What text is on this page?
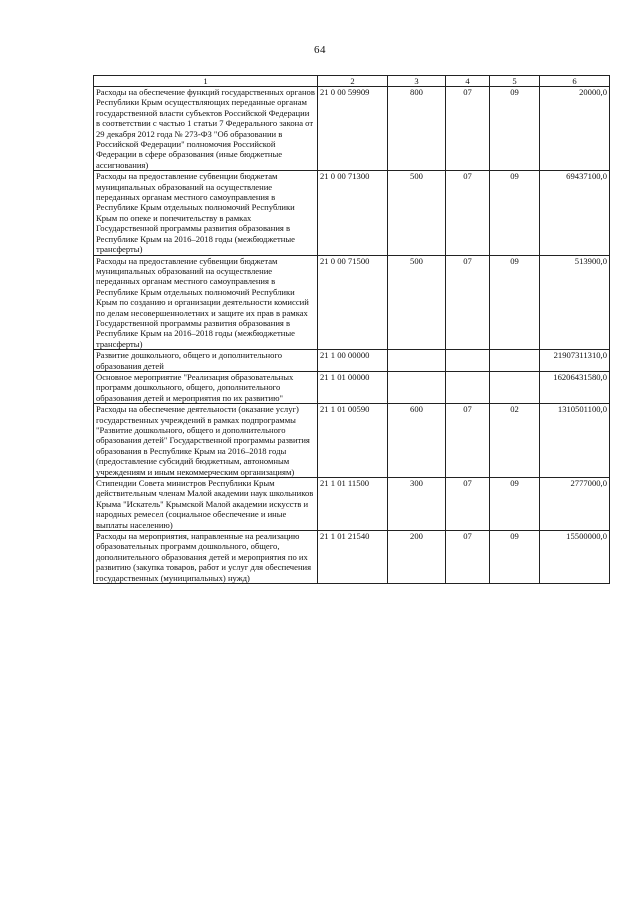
64
1	2	3	4	5	6
Расходы на обеспечение функций государственных органов Республики Крым осуществляющих переданные органам государственной власти субъектов Российской Федерации в соответствии с частью 1 статьи 7 Федерального закона от 29 декабря 2012 года № 273-ФЗ "Об образовании в Российской Федерации" полномочия Российской Федерации в сфере образования (иные бюджетные ассигнования)	21 0 00 59909	800	07	09	20000,0
Расходы на предоставление субвенции бюджетам муниципальных образований на осуществление переданных органам местного самоуправления в Республике Крым отдельных полномочий Республики Крым по опеке и попечительству в рамках Государственной программы развития образования в Республике Крым на 2016–2018 годы (межбюджетные трансферты)	21 0 00 71300	500	07	09	69437100,0
Расходы на предоставление субвенции бюджетам муниципальных образований на осуществление переданных органам местного самоуправления в Республике Крым отдельных полномочий Республики Крым по созданию и организации деятельности комиссий по делам несовершеннолетних и защите их прав в рамках Государственной программы развития образования в Республике Крым на 2016–2018 годы (межбюджетные трансферты)	21 0 00 71500	500	07	09	513900,0
Развитие дошкольного, общего и дополнительного образования детей	21 1 00 00000				21907311310,0
Основное мероприятие "Реализация образовательных программ дошкольного, общего, дополнительного образования детей и мероприятия по их развитию"	21 1 01 00000				16206431580,0
Расходы на обеспечение деятельности (оказание услуг) государственных учреждений в рамках подпрограммы "Развитие дошкольного, общего и дополнительного образования детей" Государственной программы развития образования в Республике Крым на 2016–2018 годы (предоставление субсидий бюджетным, автономным учреждениям и иным некоммерческим организациям)	21 1 01 00590	600	07	02	1310501100,0
Стипендии Совета министров Республики Крым действительным членам Малой академии наук школьников Крыма "Искатель" Крымской Малой академии искусств и народных ремесел (социальное обеспечение и иные выплаты населению)	21 1 01 11500	300	07	09	2777000,0
Расходы на мероприятия, направленные на реализацию образовательных программ дошкольного, общего, дополнительного образования детей и мероприятия по их развитию (закупка товаров, работ и услуг для обеспечения государственных (муниципальных) нужд)	21 1 01 21540	200	07	09	15500000,0
